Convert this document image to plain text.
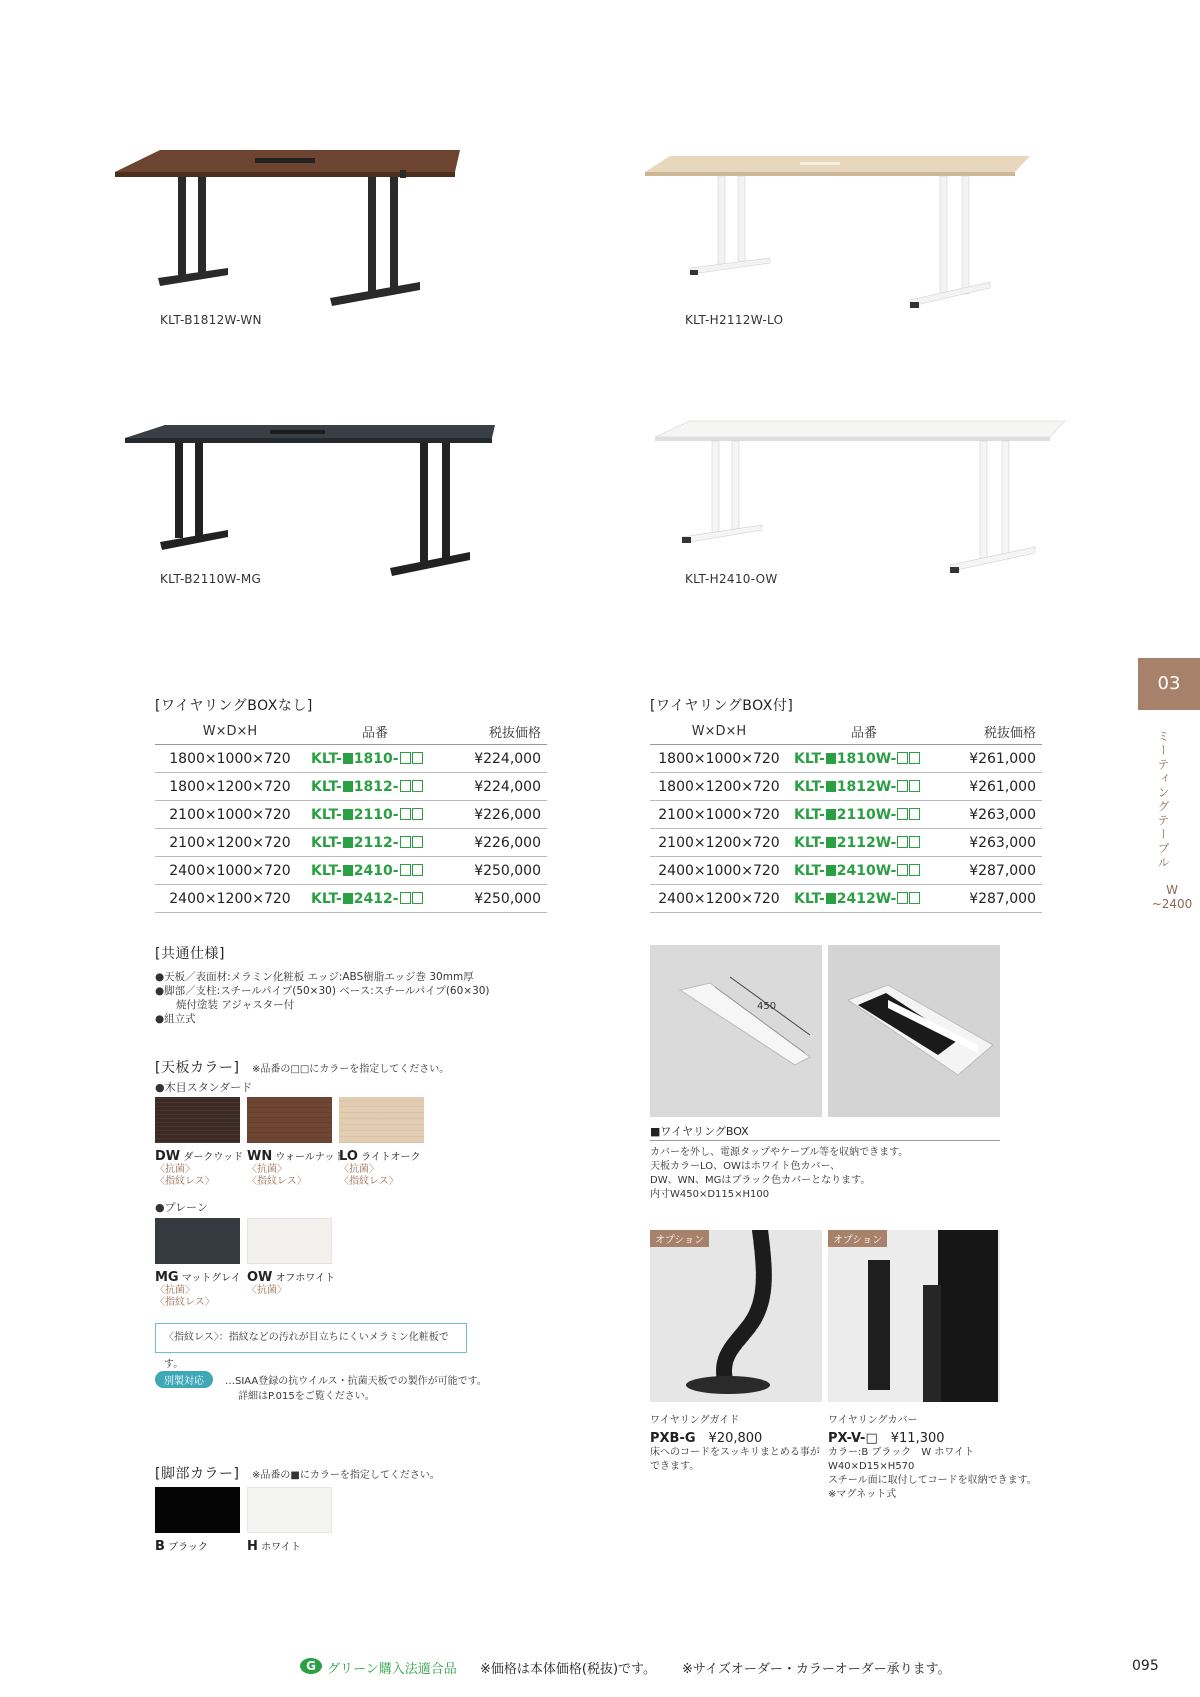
KLT-B1812W-WN	KLT-H2112W-LO
KLT-B2110W-MG	KLT-H2410-OW
03
ミーティングテーブル
W
~2400
[ワイヤリングBOXなし]
W×D×H	品番	税抜価格
1800×1000×720	KLT- 1810-	¥224,000
1800×1200×720	KLT- 1812-	¥224,000
2100×1000×720	KLT- 2110-	¥226,000
2100×1200×720	KLT- 2112-	¥226,000
2400×1000×720	KLT- 2410-	¥250,000
2400×1200×720	KLT- 2412-	¥250,000
[ワイヤリングBOX付]
W×D×H	品番	税抜価格
1800×1000×720	KLT- 1810W-	¥261,000
1800×1200×720	KLT- 1812W-	¥261,000
2100×1000×720	KLT- 2110W-	¥263,000
2100×1200×720	KLT- 2112W-	¥263,000
2400×1000×720	KLT- 2410W-	¥287,000
2400×1200×720	KLT- 2412W-	¥287,000
[共通仕様]
●天板／表面材:メラミン化粧板 エッジ:ABS樹脂エッジ巻 30mm厚
●脚部／支柱:スチールパイプ(50×30) ベース:スチールパイプ(60×30)
　　焼付塗装 アジャスター付
●組立式
[天板カラー] ※品番の□□にカラーを指定してください。
●木目スタンダード
DW ダークウッド
〈抗菌〉
〈指紋レス〉
WN ウォールナット
〈抗菌〉
〈指紋レス〉
LO ライトオーク
〈抗菌〉
〈指紋レス〉
●プレーン
MG マットグレイ
〈抗菌〉
〈指紋レス〉
OW オフホワイト
〈抗菌〉
〈指紋レス〉：指紋などの汚れが目立ちにくいメラミン化粧板です。
別製対応	…SIAA登録の抗ウイルス・抗菌天板での製作が可能です。
詳細はP.015をご覧ください。
[脚部カラー] ※品番の■にカラーを指定してください。
B ブラック	H ホワイト
450
■ワイヤリングBOX
カバーを外し、電源タップやケーブル等を収納できます。
天板カラーLO、OWはホワイト色カバー、
DW、WN、MGはブラック色カバーとなります。
内寸W450×D115×H100
オプション	オプション
ワイヤリングガイド
PXB-G　 ¥20,800
床へのコードをスッキリまとめる事が
できます。
ワイヤリングカバー
PX-V-□　 ¥11,300
カラー:B ブラック　W ホワイト
W40×D15×H570
スチール面に取付してコードを収納できます。
※マグネット式
G グリーン購入法適合品 ※価格は本体価格(税抜)です。 ※サイズオーダー・カラーオーダー承ります。	095
